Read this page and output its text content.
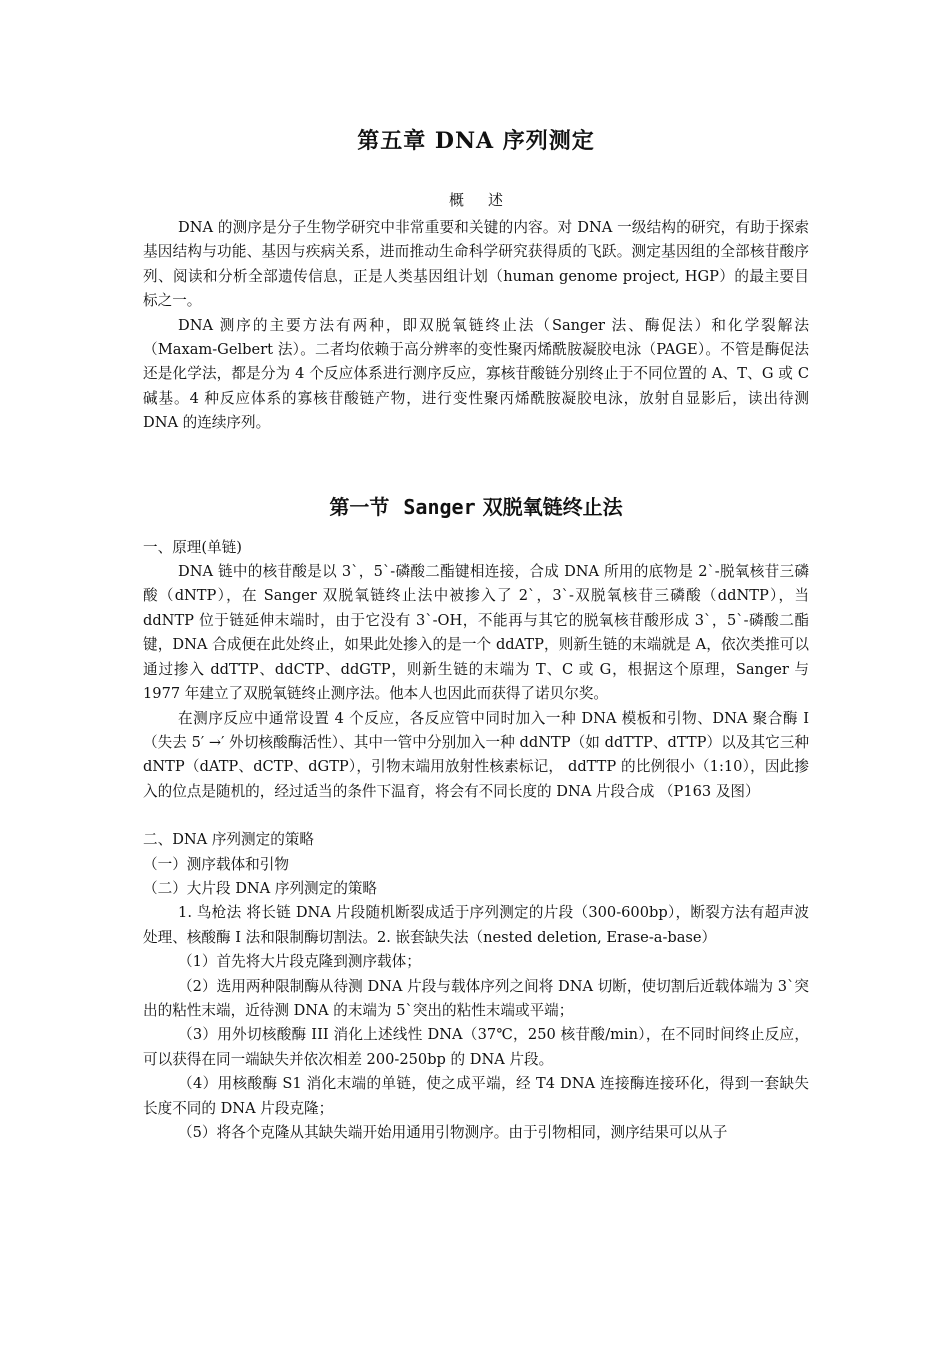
第五章 DNA 序列测定
概述

DNA 的测序是分子生物学研究中非常重要和关键的内容。对 DNA 一级结构的研究，有助于探索基因结构与功能、基因与疾病关系，进而推动生命科学研究获得质的飞跃。测定基因组的全部核苷酸序列、阅读和分析全部遗传信息，正是人类基因组计划（human genome project, HGP）的最主要目标之一。

DNA 测序的主要方法有两种，即双脱氧链终止法（Sanger 法、酶促法）和化学裂解法（Maxam-Gelbert 法）。二者均依赖于高分辨率的变性聚丙烯酰胺凝胶电泳（PAGE）。不管是酶促法还是化学法，都是分为 4 个反应体系进行测序反应，寡核苷酸链分别终止于不同位置的 A、T、G 或 C 碱基。4 种反应体系的寡核苷酸链产物，进行变性聚丙烯酰胺凝胶电泳，放射自显影后，读出待测 DNA 的连续序列。

第一节 Sanger 双脱氧链终止法
一、原理(单链)

DNA 链中的核苷酸是以 3`，5`-磷酸二酯键相连接，合成 DNA 所用的底物是 2`-脱氧核苷三磷酸（dNTP），在 Sanger 双脱氧链终止法中被掺入了 2`，3`-双脱氧核苷三磷酸（ddNTP），当 ddNTP 位于链延伸末端时，由于它没有 3`-OH，不能再与其它的脱氧核苷酸形成 3`，5`-磷酸二酯键，DNA 合成便在此处终止，如果此处掺入的是一个 ddATP，则新生链的末端就是 A，依次类推可以通过掺入 ddTTP、ddCTP、ddGTP，则新生链的末端为 T、C 或 G，根据这个原理，Sanger 与 1977 年建立了双脱氧链终止测序法。他本人也因此而获得了诺贝尔奖。

在测序反应中通常设置 4 个反应，各反应管中同时加入一种 DNA 模板和引物、DNA 聚合酶 I（失去 5′ →′ 外切核酸酶活性）、其中一管中分别加入一种 ddNTP（如 ddTTP、dTTP）以及其它三种 dNTP（dATP、dCTP、dGTP），引物末端用放射性核素标记， ddTTP 的比例很小（1:10），因此掺入的位点是随机的，经过适当的条件下温育，将会有不同长度的 DNA 片段合成 （P163 及图）

二、DNA 序列测定的策略
（一）测序载体和引物
（二）大片段 DNA 序列测定的策略

1. 鸟枪法 将长链 DNA 片段随机断裂成适于序列测定的片段（300-600bp），断裂方法有超声波处理、核酸酶 I 法和限制酶切割法。2. 嵌套缺失法（nested deletion, Erase-a-base）

（1）首先将大片段克隆到测序载体；

（2）选用两种限制酶从待测 DNA 片段与载体序列之间将 DNA 切断，使切割后近载体端为 3`突出的粘性末端，近待测 DNA 的末端为 5`突出的粘性末端或平端；

（3）用外切核酸酶 III 消化上述线性 DNA（37℃，250 核苷酸/min），在不同时间终止反应，可以获得在同一端缺失并依次相差 200-250bp 的 DNA 片段。

（4）用核酸酶 S1 消化末端的单链，使之成平端，经 T4 DNA 连接酶连接环化，得到一套缺失长度不同的 DNA 片段克隆；

（5）将各个克隆从其缺失端开始用通用引物测序。由于引物相同，测序结果可以从子
